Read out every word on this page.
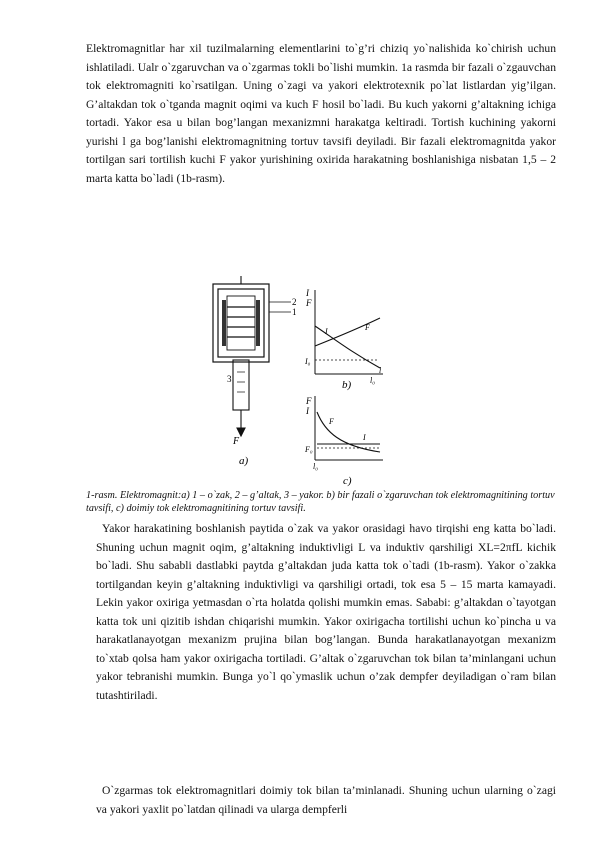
Elektromagnitlar har xil tuzilmalarning elementlarini to`g’ri chiziq yo`nalishida ko`chirish uchun ishlatiladi. Ualr o`zgaruvchan va o`zgarmas tokli bo`lishi mumkin. 1a rasmda bir fazali o`zgauvchan tok elektromagniti ko`rsatilgan. Uning o`zagi va yakori elektrotexnik po`lat listlardan yig’ilgan. G’altakdan tok o`tganda magnit oqimi va kuch F hosil bo`ladi. Bu kuch yakorni g’altakning ichiga tortadi. Yakor esa u bilan bog’langan mexanizmni harakatga keltiradi. Tortish kuchining yakorni yurishi l ga bog’lanishi elektromagnitning tortuv tavsifi deyiladi. Bir fazali elektromagnitda yakor tortilgan sari tortilish kuchi F yakor yurishining oxirida harakatning boshlanishiga nisbatan 1,5 – 2 marta katta bo`ladi (1b-rasm).

2
1
3
F
a)
I
F
I	F
I₀
l₀
l
b)
F
I
F
I
F₀
l₀
c)

1-rasm. Elektromagnit:a) 1 – o`zak, 2 – g’altak, 3 – yakor. b) bir fazali o`zgaruvchan tok elektromagnitining tortuv tavsifi, c) doimiy tok elektromagnitining tortuv tavsifi.

Yakor harakatining boshlanish paytida o`zak va yakor orasidagi havo tirqishi eng katta bo`ladi. Shuning uchun magnit oqim, g’altakning induktivligi L va induktiv qarshiligi XL=2πfL kichik bo`ladi. Shu sababli dastlabki paytda g’altakdan juda katta tok o`tadi (1b-rasm). Yakor o`zakka tortilgandan keyin g’altakning induktivligi va qarshiligi ortadi, tok esa 5 – 15 marta kamayadi. Lekin yakor oxiriga yetmasdan o`rta holatda qolishi mumkin emas. Sababi: g’altakdan o`tayotgan katta tok uni qizitib ishdan chiqarishi mumkin. Yakor oxirigacha tortilishi uchun ko`pincha u va harakatlanayotgan mexanizm prujina bilan bog’langan. Bunda harakatlanayotgan mexanizm to`xtab qolsa ham yakor oxirigacha tortiladi. G’altak o`zgaruvchan tok bilan ta’minlangani uchun yakor tebranishi mumkin. Bunga yo`l qo`ymaslik uchun o’zak dempfer deyiladigan o`ram bilan tutashtiriladi.

O`zgarmas tok elektromagnitlari doimiy tok bilan ta’minlanadi. Shuning uchun ularning o`zagi va yakori yaxlit po`latdan qilinadi va ularga dempferli
